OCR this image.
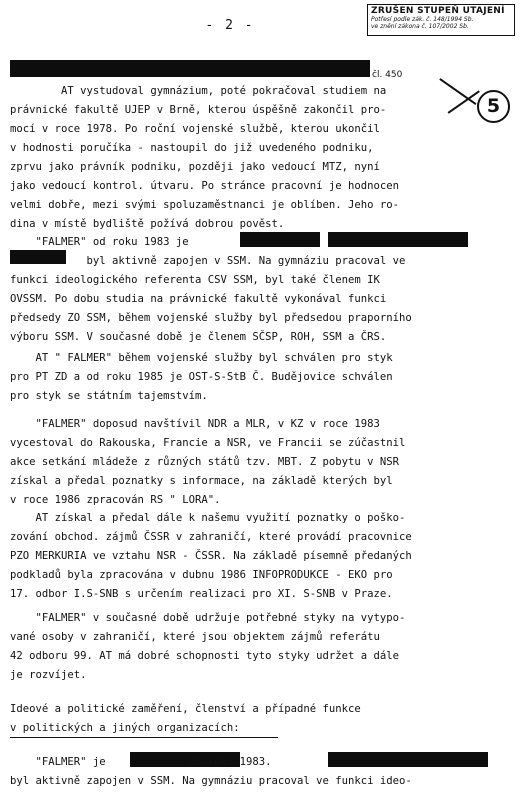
- 2 -
ZRUŠEN STUPEŇ UTAJENÍ
Potřesí podle zák. č. 148/1994 Sb.
ve znění zákona č. 107/2002 Sb.
čl. 450
5
AT vystudoval gymnázium, poté pokračoval studiem na
právnické fakultě UJEP v Brně, kterou úspěšně zakončil pro-
mocí v roce 1978. Po roční vojenské službě, kterou ukončil
v hodnosti poručíka - nastoupil do již uvedeného podniku,
zprvu jako právník podniku, později jako vedoucí MTZ, nyní
jako vedoucí kontrol. útvaru. Po stránce pracovní je hodnocen
velmi dobře, mezi svými spoluzaměstnanci je oblíben. Jeho ro-
dina v místě bydliště požívá dobrou pověst.
"FALMER" od roku 1983 je
byl aktivně zapojen v SSM. Na gymnáziu pracoval ve
funkci ideologického referenta CSV SSM, byl také členem IK
OVSSM. Po dobu studia na právnické fakultě vykonával funkci
předsedy ZO SSM, během vojenské služby byl předsedou praporního
výboru SSM. V současné době je členem SČSP, ROH, SSM a ČRS.
AT " FALMER" během vojenské služby byl schválen pro styk
pro PT ZD a od roku 1985 je OST-S-StB Č. Budějovice schválen
pro styk se státním tajemstvím.
"FALMER" doposud navštívil NDR a MLR, v KZ v roce 1983
vycestoval do Rakouska, Francie a NSR, ve Francii se zúčastnil
akce setkání mládeže z různých států tzv. MBT. Z pobytu v NSR
získal a předal poznatky s informace, na základě kterých byl
v roce 1986 zpracován RS " LORA".
AT získal a předal dále k našemu využití poznatky o poško-
zování obchod. zájmů ČSSR v zahraničí, které provádí pracovnice
PZO MERKURIA ve vztahu NSR - ČSSR. Na základě písemně předaných
podkladů byla zpracována v dubnu 1986 INFOPRODUKCE - EKO pro
17. odbor I.S-SNB s určením realizaci pro XI. S-SNB v Praze.
"FALMER" v současné době udržuje potřebné styky na vytypo-
vané osoby v zahraničí, které jsou objektem zájmů referátu
42 odboru 99. AT má dobré schopnosti tyto styky udržet a dále
je rozvíjet.
Ideové a politické zaměření, členství a případné funkce
v politických a jiných organizacích:
"FALMER" je             od roku 1983.
byl aktivně zapojen v SSM. Na gymnáziu pracoval ve funkci ideo-
